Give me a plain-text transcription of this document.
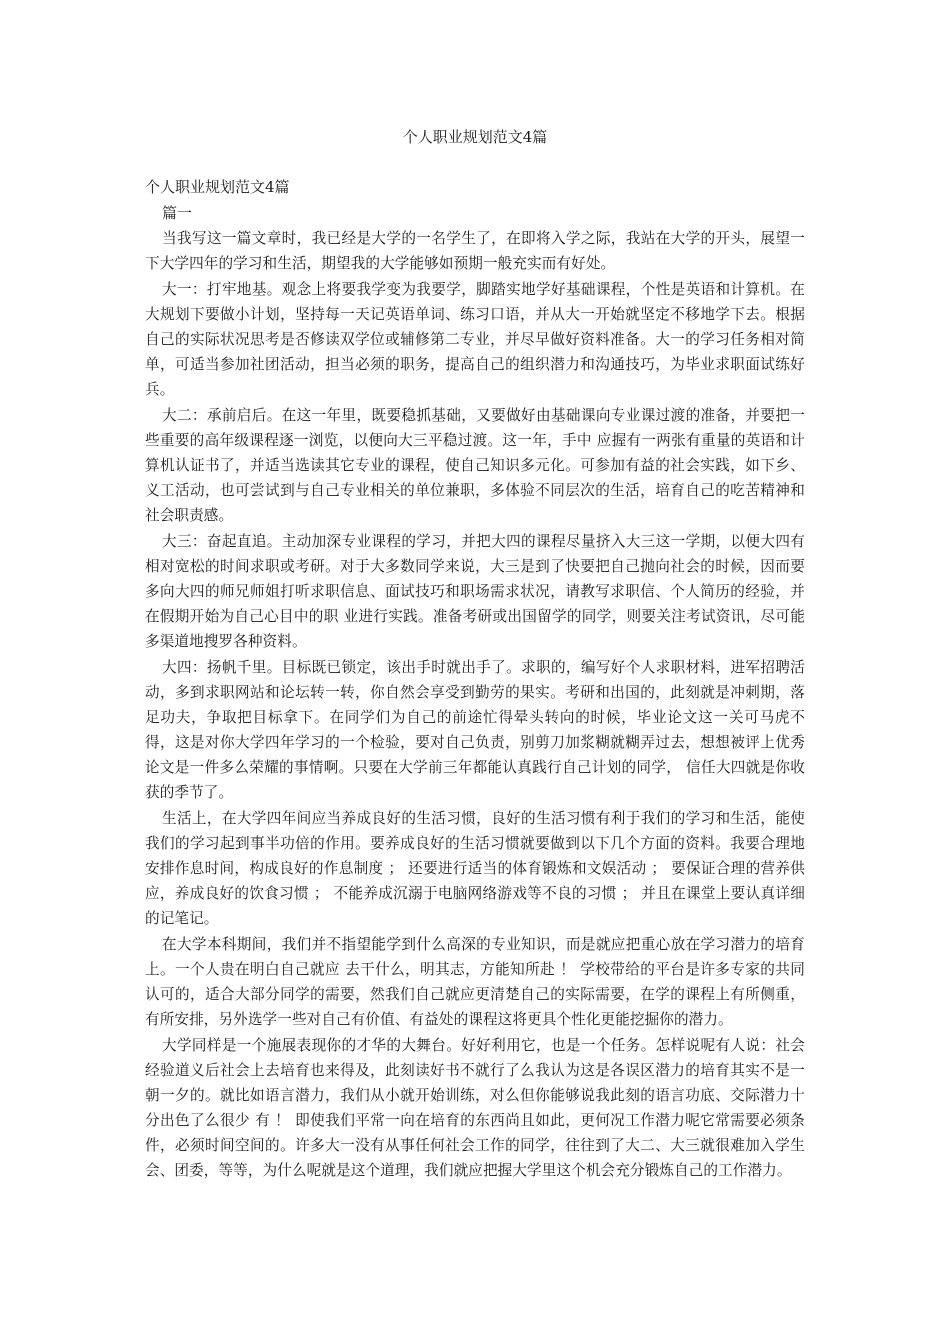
个人职业规划范文4篇
个人职业规划范文4篇
篇一

当我写这一篇文章时，我已经是大学的一名学生了，在即将入学之际，我站在大学的开头，展望一下大学四年的学习和生活，期望我的大学能够如预期一般充实而有好处。

大一：打牢地基。观念上将要我学变为我要学，脚踏实地学好基础课程，个性是英语和计算机。在大规划下要做小计划，坚持每一天记英语单词、练习口语，并从大一开始就坚定不移地学下去。根据自己的实际状况思考是否修读双学位或辅修第二专业，并尽早做好资料准备。大一的学习任务相对简单，可适当参加社团活动，担当必须的职务，提高自己的组织潜力和沟通技巧，为毕业求职面试练好兵。

大二：承前启后。在这一年里，既要稳抓基础，又要做好由基础课向专业课过渡的准备，并要把一些重要的高年级课程逐一浏览，以便向大三平稳过渡。这一年，手中 应握有一两张有重量的英语和计算机认证书了，并适当选读其它专业的课程，使自己知识多元化。可参加有益的社会实践，如下乡、义工活动，也可尝试到与自己专业相关的单位兼职，多体验不同层次的生活，培育自己的吃苦精神和社会职责感。

大三：奋起直追。主动加深专业课程的学习，并把大四的课程尽量挤入大三这一学期，以便大四有相对宽松的时间求职或考研。对于大多数同学来说，大三是到了快要把自己抛向社会的时候，因而要多向大四的师兄师姐打听求职信息、面试技巧和职场需求状况，请教写求职信、个人简历的经验，并在假期开始为自己心目中的职 业进行实践。准备考研或出国留学的同学，则要关注考试资讯，尽可能多渠道地搜罗各种资料。

大四：扬帆千里。目标既已锁定，该出手时就出手了。求职的，编写好个人求职材料，进军招聘活动，多到求职网站和论坛转一转，你自然会享受到勤劳的果实。考研和出国的，此刻就是冲刺期，落足功夫，争取把目标拿下。在同学们为自己的前途忙得晕头转向的时候，毕业论文这一关可马虎不得，这是对你大学四年学习的一个检验，要对自己负责，别剪刀加浆糊就糊弄过去，想想被评上优秀论文是一件多么荣耀的事情啊。只要在大学前三年都能认真践行自己计划的同学， 信任大四就是你收获的季节了。

生活上，在大学四年间应当养成良好的生活习惯，良好的生活习惯有利于我们的学习和生活，能使我们的学习起到事半功倍的作用。要养成良好的生活习惯就要做到以下几个方面的资料。我要合理地安排作息时间，构成良好的作息制度 ； 还要进行适当的体育锻炼和文娱活动 ； 要保证合理的营养供应，养成良好的饮食习惯 ； 不能养成沉溺于电脑网络游戏等不良的习惯 ； 并且在课堂上要认真详细的记笔记。

在大学本科期间，我们并不指望能学到什么高深的专业知识，而是就应把重心放在学习潜力的培育上。一个人贵在明白自己就应 去干什么，明其志，方能知所赴 ！ 学校带给的平台是许多专家的共同认可的，适合大部分同学的需要，然我们自己就应更清楚自己的实际需要，在学的课程上有所侧重，有所安排，另外选学一些对自己有价值、有益处的课程这将更具个性化更能挖掘你的潜力。

大学同样是一个施展表现你的才华的大舞台。好好利用它，也是一个任务。怎样说呢有人说：社会经验道义后社会上去培育也来得及，此刻读好书不就行了么我认为这是各误区潜力的培育其实不是一朝一夕的。就比如语言潜力，我们从小就开始训练，对么但你能够说我此刻的语言功底、交际潜力十分出色了么很少 有 ！ 即使我们平常一向在培育的东西尚且如此，更何况工作潜力呢它常需要必须条件，必须时间空间的。许多大一没有从事任何社会工作的同学，往往到了大二、大三就很难加入学生会、团委，等等，为什么呢就是这个道理，我们就应把握大学里这个机会充分锻炼自己的工作潜力。
